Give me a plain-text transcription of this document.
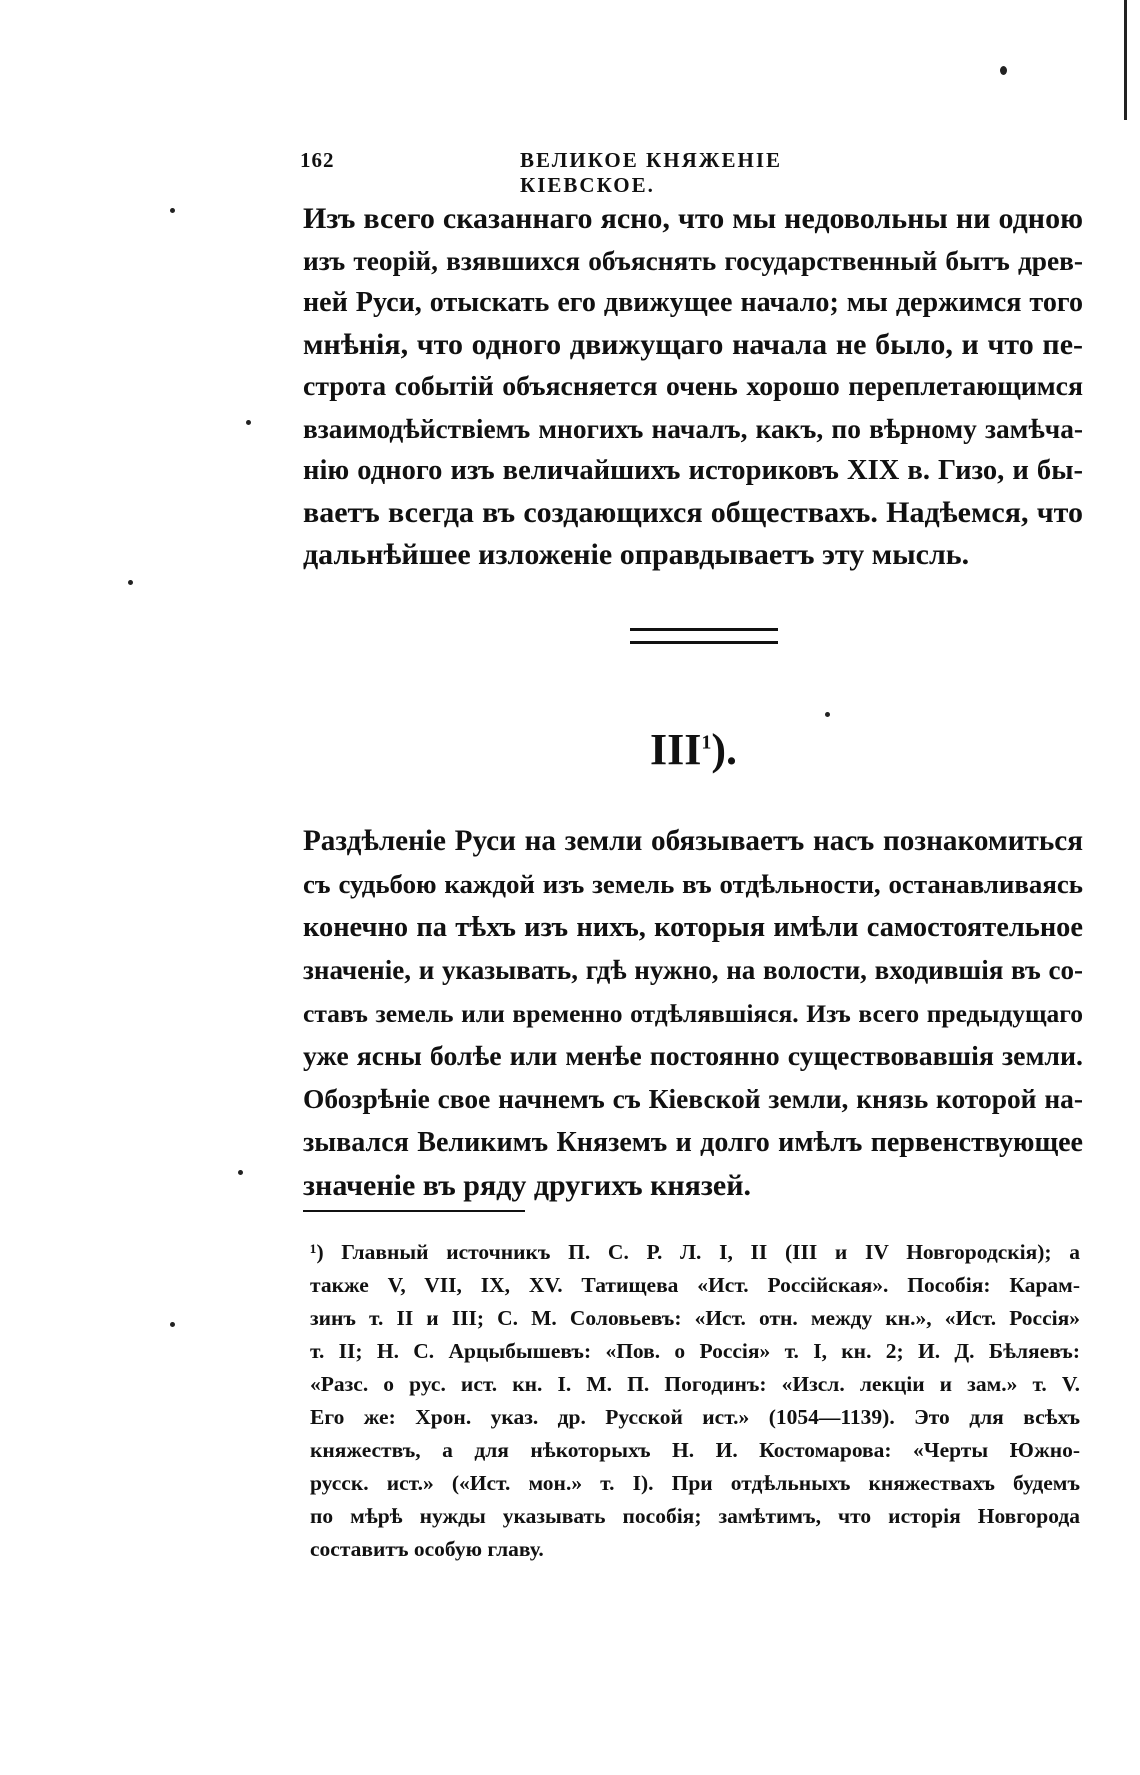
162	ВЕЛИКОЕ КНЯЖЕНІЕ КІЕВСКОЕ.
Изъ всего сказаннаго ясно, что мы недовольны ни одною
изъ теорій, взявшихся объяснять государственный бытъ древ-
ней Руси, отыскать его движущее начало; мы держимся того
мнѣнія, что одного движущаго начала не было, и что пе-
строта событій объясняется очень хорошо переплетающимся
взаимодѣйствіемъ многихъ началъ, какъ, по вѣрному замѣча-
нію одного изъ величайшихъ историковъ XIX в. Гизо, и бы-
ваетъ всегда въ создающихся обществахъ. Надѣемся, что
дальнѣйшее изложеніе оправдываетъ эту мысль.
III$^1$).
Раздѣленіе Руси на земли обязываетъ насъ познакомиться
съ судьбою каждой изъ земель въ отдѣльности, останавливаясь
конечно па тѣхъ изъ нихъ, которыя имѣли самостоятельное
значеніе, и указывать, гдѣ нужно, на волости, входившія въ со-
ставъ земель или временно отдѣлявшіяся. Изъ всего предыдущаго
уже ясны болѣе или менѣе постоянно существовавшія земли.
Обозрѣніе свое начнемъ съ Кіевской земли, князь которой на-
зывался Великимъ Княземъ и долго имѣлъ первенствующее
значеніе въ ряду другихъ князей.
¹) Главный источникъ П. С. Р. Л. I, II (III и IV Новгородскія); а
также V, VII, IX, XV. Татищева «Ист. Россійская». Пособія: Карам-
зинъ т. II и III; С. М. Соловьевъ: «Ист. отн. между кн.», «Ист. Россія»
т. II; Н. С. Арцыбышевъ: «Пов. о Россія» т. I, кн. 2; И. Д. Бѣляевъ:
«Разс. о рус. ист. кн. I. М. П. Погодинъ: «Изсл. лекціи и зам.» т. V.
Его же: Хрон. указ. др. Русской ист.» (1054—1139). Это для всѣхъ
княжествъ, а для нѣкоторыхъ Н. И. Костомарова: «Черты Южно-
русск. ист.» («Ист. мон.» т. I). При отдѣльныхъ княжествахъ будемъ
по мѣрѣ нужды указывать пособія; замѣтимъ, что исторія Новгорода
составитъ особую главу.
